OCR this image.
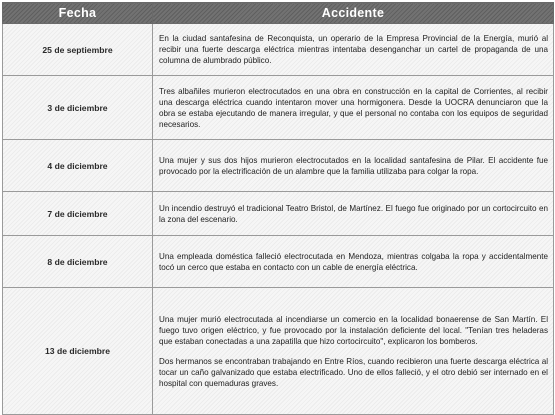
Fecha	Accidente
25 de septiembre	En la ciudad santafesina de Reconquista, un operario de la Empresa Provincial de la Energía, murió al recibir una fuerte descarga eléctrica mientras intentaba desenganchar un cartel de propaganda de una columna de alumbrado público.

3 de diciembre	Tres albañiles murieron electrocutados en una obra en construcción en la capital de Corrientes, al recibir una descarga eléctrica cuando intentaron mover una hormigonera. Desde la UOCRA denunciaron que la obra se estaba ejecutando de manera irregular, y que el personal no contaba con los equipos de seguridad necesarios.

4 de diciembre	Una mujer y sus dos hijos murieron electrocutados en la localidad santafesina de Pilar. El accidente fue provocado por la electrificación de un alambre que la familia utilizaba para colgar la ropa.

7 de diciembre	Un incendio destruyó el tradicional Teatro Bristol, de Martínez. El fuego fue originado por un cortocircuito en la zona del escenario.

8 de diciembre	Una empleada doméstica falleció electrocutada en Mendoza, mientras colgaba la ropa y accidentalmente tocó un cerco que estaba en contacto con un cable de energía eléctrica.

13 de diciembre	Una mujer murió electrocutada al incendiarse un comercio en la localidad bonaerense de San Martín. El fuego tuvo origen eléctrico, y fue provocado por la instalación deficiente del local. "Tenían tres heladeras que estaban conectadas a una zapatilla que hizo cortocircuito", explicaron los bomberos.

Dos hermanos se encontraban trabajando en Entre Ríos, cuando recibieron una fuerte descarga eléctrica al tocar un caño galvanizado que estaba electrificado. Uno de ellos falleció, y el otro debió ser internado en el hospital con quemaduras graves.
